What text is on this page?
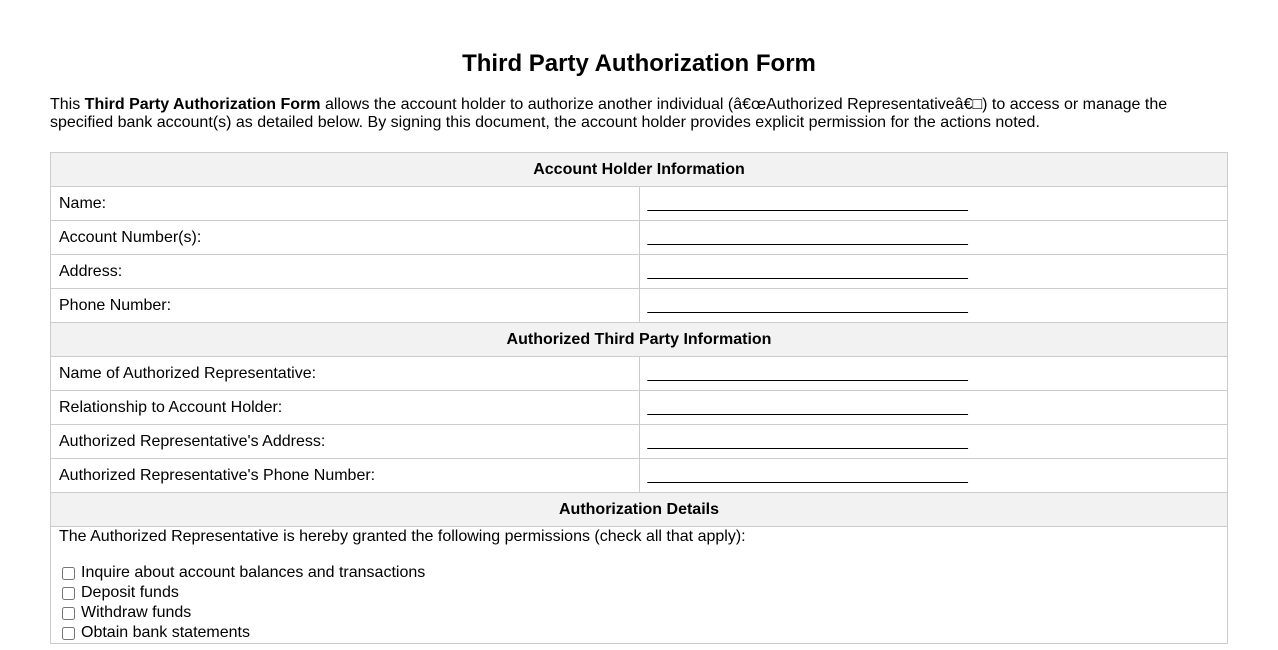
Third Party Authorization Form

This Third Party Authorization Form allows the account holder to authorize another individual (â€œAuthorized Representativeâ€□) to access or manage the specified bank account(s) as detailed below. By signing this document, the account holder provides explicit permission for the actions noted.

Account Holder Information	
Name:	____________________________________
Account Number(s):	____________________________________
Address:	____________________________________
Phone Number:	____________________________________
Authorized Third Party Information	
Name of Authorized Representative:	____________________________________
Relationship to Account Holder:	____________________________________
Authorized Representative's Address:	____________________________________
Authorized Representative's Phone Number:	____________________________________
Authorization Details	

The Authorized Representative is hereby granted the following permissions (check all that apply):
Inquire about account balances and transactions
Deposit funds
Withdraw funds
Obtain bank statements	
